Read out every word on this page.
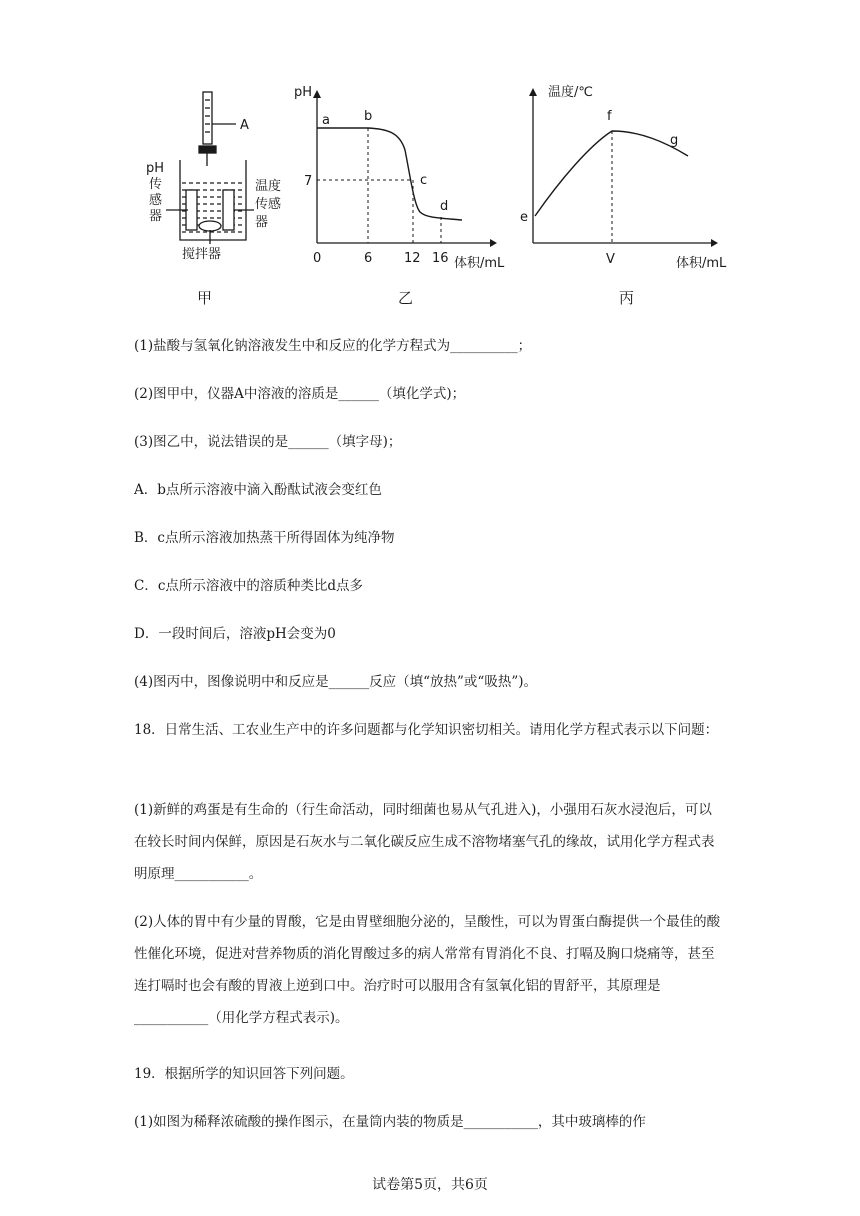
A
pH
传
感
器
温度
传感
器
搅拌器
pH
体积/mL
7
0	6 12 16
a	b
c
d
温度/℃
体积/mL
V
e
f
g
甲	乙	丙

(1)盐酸与氢氧化钠溶液发生中和反应的化学方程式为__________；

(2)图甲中，仪器A中溶液的溶质是______（填化学式)；

(3)图乙中，说法错误的是______（填字母)；

A．b点所示溶液中滴入酚酞试液会变红色

B．c点所示溶液加热蒸干所得固体为纯净物

C．c点所示溶液中的溶质种类比d点多

D．一段时间后，溶液pH会变为0

(4)图丙中，图像说明中和反应是______反应（填“放热”或“吸热”)。

18．日常生活、工农业生产中的许多问题都与化学知识密切相关。请用化学方程式表示以下问题：

(1)新鲜的鸡蛋是有生命的（行生命活动，同时细菌也易从气孔进入)，小强用石灰水浸泡后，可以在较长时间内保鲜，原因是石灰水与二氧化碳反应生成不溶物堵塞气孔的缘故，试用化学方程式表明原理___________。

(2)人体的胃中有少量的胃酸，它是由胃壁细胞分泌的，呈酸性，可以为胃蛋白酶提供一个最佳的酸性催化环境，促进对营养物质的消化胃酸过多的病人常常有胃消化不良、打嗝及胸口烧痛等，甚至连打嗝时也会有酸的胃液上逆到口中。治疗时可以服用含有氢氧化铝的胃舒平，其原理是___________（用化学方程式表示)。

19．根据所学的知识回答下列问题。

(1)如图为稀释浓硫酸的操作图示，在量筒内装的物质是___________，其中玻璃棒的作

试卷第5页，共6页
